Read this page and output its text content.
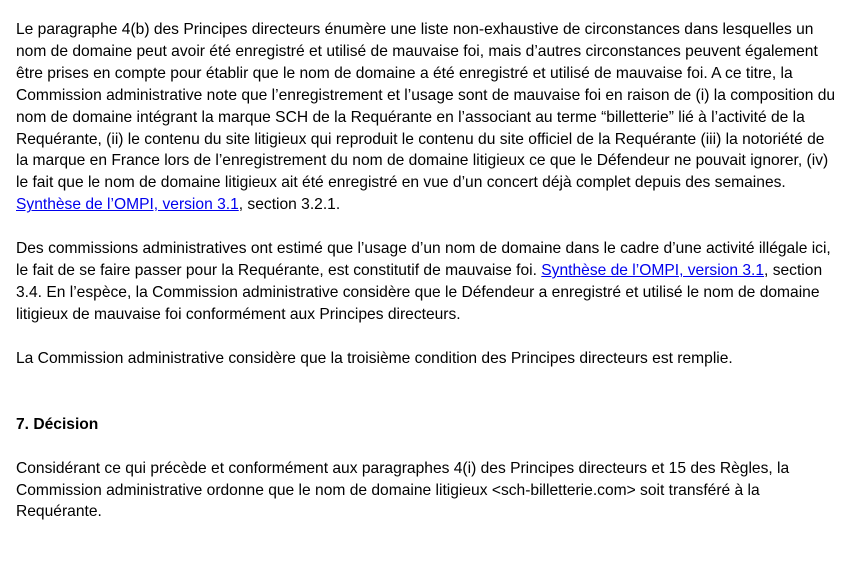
Le paragraphe 4(b) des Principes directeurs énumère une liste non-exhaustive de circonstances dans lesquelles un nom de domaine peut avoir été enregistré et utilisé de mauvaise foi, mais d’autres circonstances peuvent également être prises en compte pour établir que le nom de domaine a été enregistré et utilisé de mauvaise foi. A ce titre, la Commission administrative note que l’enregistrement et l’usage sont de mauvaise foi en raison de (i) la composition du nom de domaine intégrant la marque SCH de la Requérante en l’associant au terme “billetterie” lié à l’activité de la Requérante, (ii) le contenu du site litigieux qui reproduit le contenu du site officiel de la Requérante (iii) la notoriété de la marque en France lors de l’enregistrement du nom de domaine litigieux ce que le Défendeur ne pouvait ignorer, (iv) le fait que le nom de domaine litigieux ait été enregistré en vue d’un concert déjà complet depuis des semaines. Synthèse de l’OMPI, version 3.1, section 3.2.1.

Des commissions administratives ont estimé que l’usage d’un nom de domaine dans le cadre d’une activité illégale ici, le fait de se faire passer pour la Requérante, est constitutif de mauvaise foi. Synthèse de l’OMPI, version 3.1, section 3.4. En l’espèce, la Commission administrative considère que le Défendeur a enregistré et utilisé le nom de domaine litigieux de mauvaise foi conformément aux Principes directeurs.

La Commission administrative considère que la troisième condition des Principes directeurs est remplie.

7. Décision

Considérant ce qui précède et conformément aux paragraphes 4(i) des Principes directeurs et 15 des Règles, la Commission administrative ordonne que le nom de domaine litigieux <sch-billetterie.com> soit transféré à la Requérante.
